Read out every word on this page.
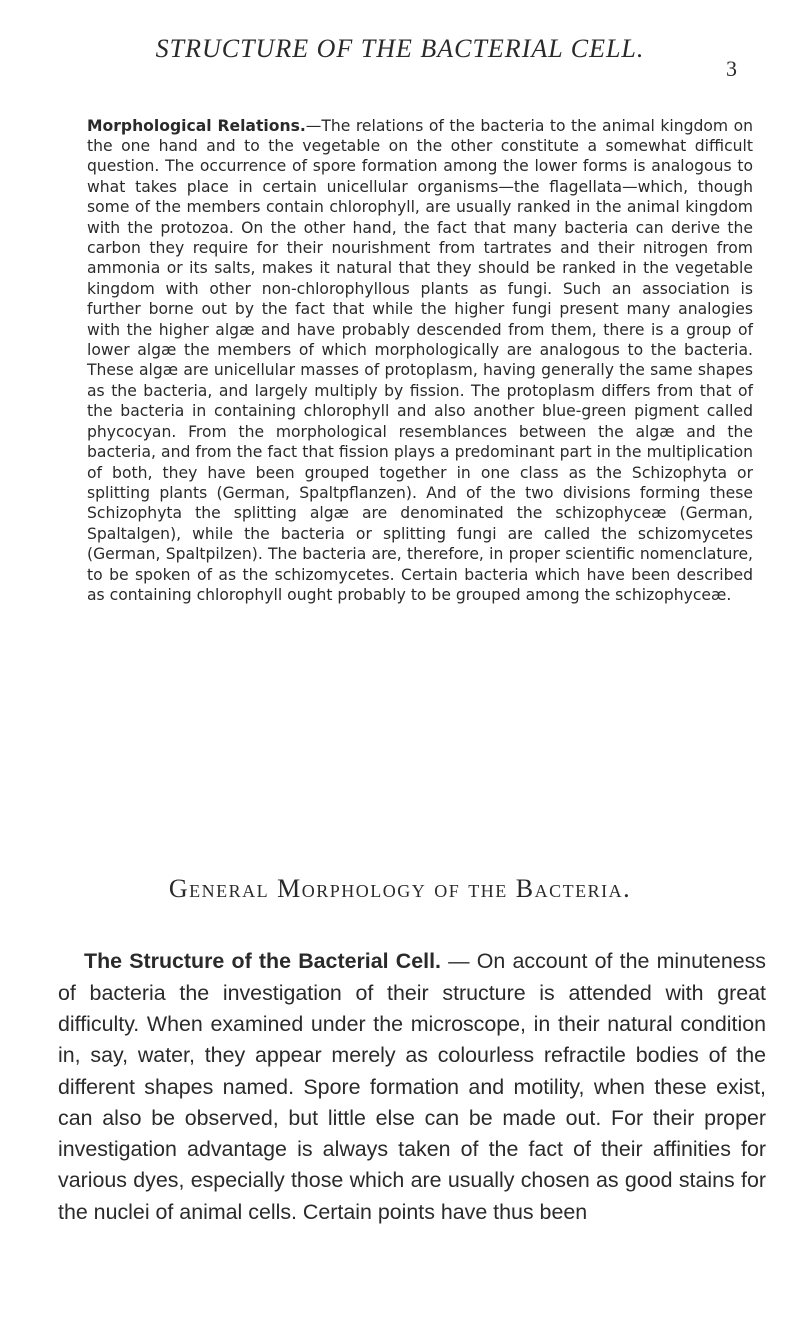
STRUCTURE OF THE BACTERIAL CELL.
3

Morphological Relations.—The relations of the bacteria to the animal kingdom on the one hand and to the vegetable on the other constitute a somewhat difficult question. The occurrence of spore formation among the lower forms is analogous to what takes place in certain unicellular organisms—the flagellata—which, though some of the members contain chlorophyll, are usually ranked in the animal kingdom with the protozoa. On the other hand, the fact that many bacteria can derive the carbon they require for their nourishment from tartrates and their nitrogen from ammonia or its salts, makes it natural that they should be ranked in the vegetable kingdom with other non-chlorophyllous plants as fungi. Such an association is further borne out by the fact that while the higher fungi present many analogies with the higher algæ and have probably descended from them, there is a group of lower algæ the members of which morphologically are analogous to the bacteria. These algæ are unicellular masses of protoplasm, having generally the same shapes as the bacteria, and largely multiply by fission. The protoplasm differs from that of the bacteria in containing chlorophyll and also another blue-green pigment called phycocyan. From the morphological resemblances between the algæ and the bacteria, and from the fact that fission plays a predominant part in the multiplication of both, they have been grouped together in one class as the Schizophyta or splitting plants (German, Spaltpflanzen). And of the two divisions forming these Schizophyta the splitting algæ are denominated the schizophyceæ (German, Spaltalgen), while the bacteria or splitting fungi are called the schizomycetes (German, Spaltpilzen). The bacteria are, therefore, in proper scientific nomenclature, to be spoken of as the schizomycetes. Certain bacteria which have been described as containing chlorophyll ought probably to be grouped among the schizophyceæ.

General Morphology of the Bacteria.

The Structure of the Bacterial Cell. — On account of the minuteness of bacteria the investigation of their structure is attended with great difficulty. When examined under the microscope, in their natural condition in, say, water, they appear merely as colourless refractile bodies of the different shapes named. Spore formation and motility, when these exist, can also be observed, but little else can be made out. For their proper investigation advantage is always taken of the fact of their affinities for various dyes, especially those which are usually chosen as good stains for the nuclei of animal cells. Certain points have thus been
